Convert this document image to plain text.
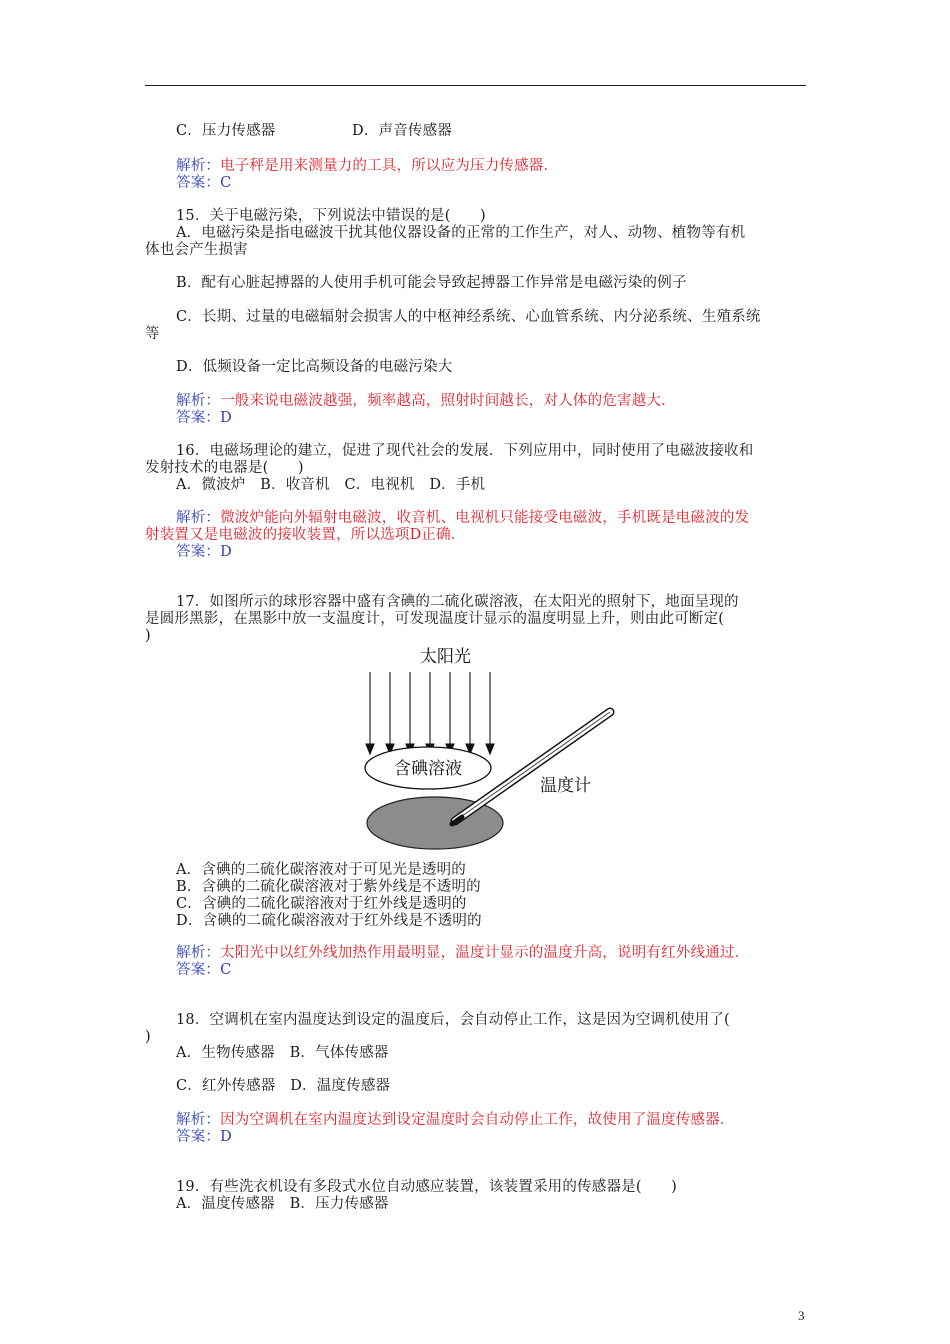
C．压力传感器	D．声音传感器
解析：电子秤是用来测量力的工具，所以应为压力传感器．
答案：C
15．关于电磁污染，下列说法中错误的是(　　)
A．电磁污染是指电磁波干扰其他仪器设备的正常的工作生产，对人、动物、植物等有机
体也会产生损害
B．配有心脏起搏器的人使用手机可能会导致起搏器工作异常是电磁污染的例子
C．长期、过量的电磁辐射会损害人的中枢神经系统、心血管系统、内分泌系统、生殖系统
等
D．低频设备一定比高频设备的电磁污染大
解析：一般来说电磁波越强，频率越高，照射时间越长，对人体的危害越大．
答案：D
16．电磁场理论的建立，促进了现代社会的发展．下列应用中，同时使用了电磁波接收和
发射技术的电器是(　　)
A．微波炉　B．收音机　C．电视机　D．手机
解析：微波炉能向外辐射电磁波，收音机、电视机只能接受电磁波，手机既是电磁波的发
射装置又是电磁波的接收装置，所以选项D正确．
答案：D
17．如图所示的球形容器中盛有含碘的二硫化碳溶液，在太阳光的照射下，地面呈现的
是圆形黑影，在黑影中放一支温度计，可发现温度计显示的温度明显上升，则由此可断定(
)
太阳光
含碘溶液
温度计
A．含碘的二硫化碳溶液对于可见光是透明的
B．含碘的二硫化碳溶液对于紫外线是不透明的
C．含碘的二硫化碳溶液对于红外线是透明的
D．含碘的二硫化碳溶液对于红外线是不透明的
解析：太阳光中以红外线加热作用最明显，温度计显示的温度升高，说明有红外线通过．
答案：C
18．空调机在室内温度达到设定的温度后，会自动停止工作，这是因为空调机使用了(
)
A．生物传感器　B．气体传感器
C．红外传感器　D．温度传感器
解析：因为空调机在室内温度达到设定温度时会自动停止工作，故使用了温度传感器．
答案：D
19．有些洗衣机设有多段式水位自动感应装置，该装置采用的传感器是(　　)
A．温度传感器　B．压力传感器
3
